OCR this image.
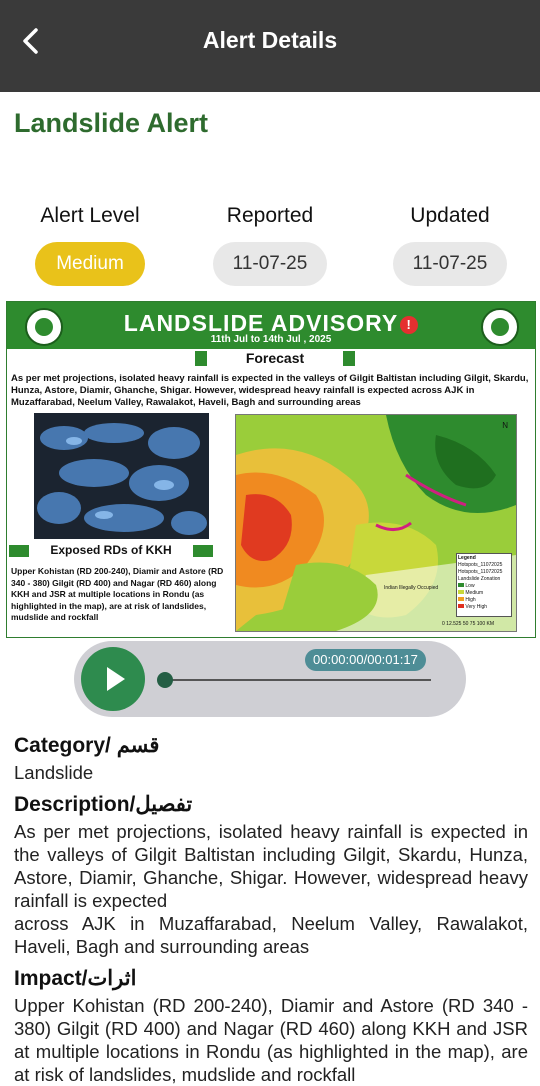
Alert Details
Landslide Alert
Alert Level
Medium
Reported
11-07-25
Updated
11-07-25
LANDSLIDE ADVISORY !
11th Jul to 14th Jul , 2025
Forecast
As per met projections, isolated heavy rainfall is expected in the valleys of Gilgit Baltistan including Gilgit, Skardu, Hunza, Astore, Diamir, Ghanche, Shigar. However, widespread heavy rainfall is expected across AJK in Muzaffarabad, Neelum Valley, Rawalakot, Haveli, Bagh and surrounding areas
Exposed RDs of KKH
Upper Kohistan (RD 200-240), Diamir and Astore (RD 340 - 380) Gilgit (RD 400) and Nagar (RD 460) along KKH and JSR at multiple locations in Rondu (as highlighted in the map), are at risk of landslides, mudslide and rockfall
N
Indian Illegally Occupied
0 12.525 50 75 100 KM
Legend
Hotspots_11072025
Hotspots_11072025
Landslide Zonation
Low
Medium
High
Very High
00:00:00/00:01:17
Category/ قسم
Landslide
Description/تفصیل
As per met projections, isolated heavy rainfall is expected in the valleys of Gilgit Baltistan including Gilgit, Skardu, Hunza, Astore, Diamir, Ghanche, Shigar. However, widespread heavy rainfall is expected
across AJK in Muzaffarabad, Neelum Valley, Rawalakot, Haveli, Bagh and surrounding areas
Impact/اثرات
Upper Kohistan (RD 200-240), Diamir and Astore (RD 340 - 380) Gilgit (RD 400) and Nagar (RD 460) along KKH and JSR at multiple locations in Rondu (as highlighted in the map), are at risk of landslides, mudslide and rockfall
